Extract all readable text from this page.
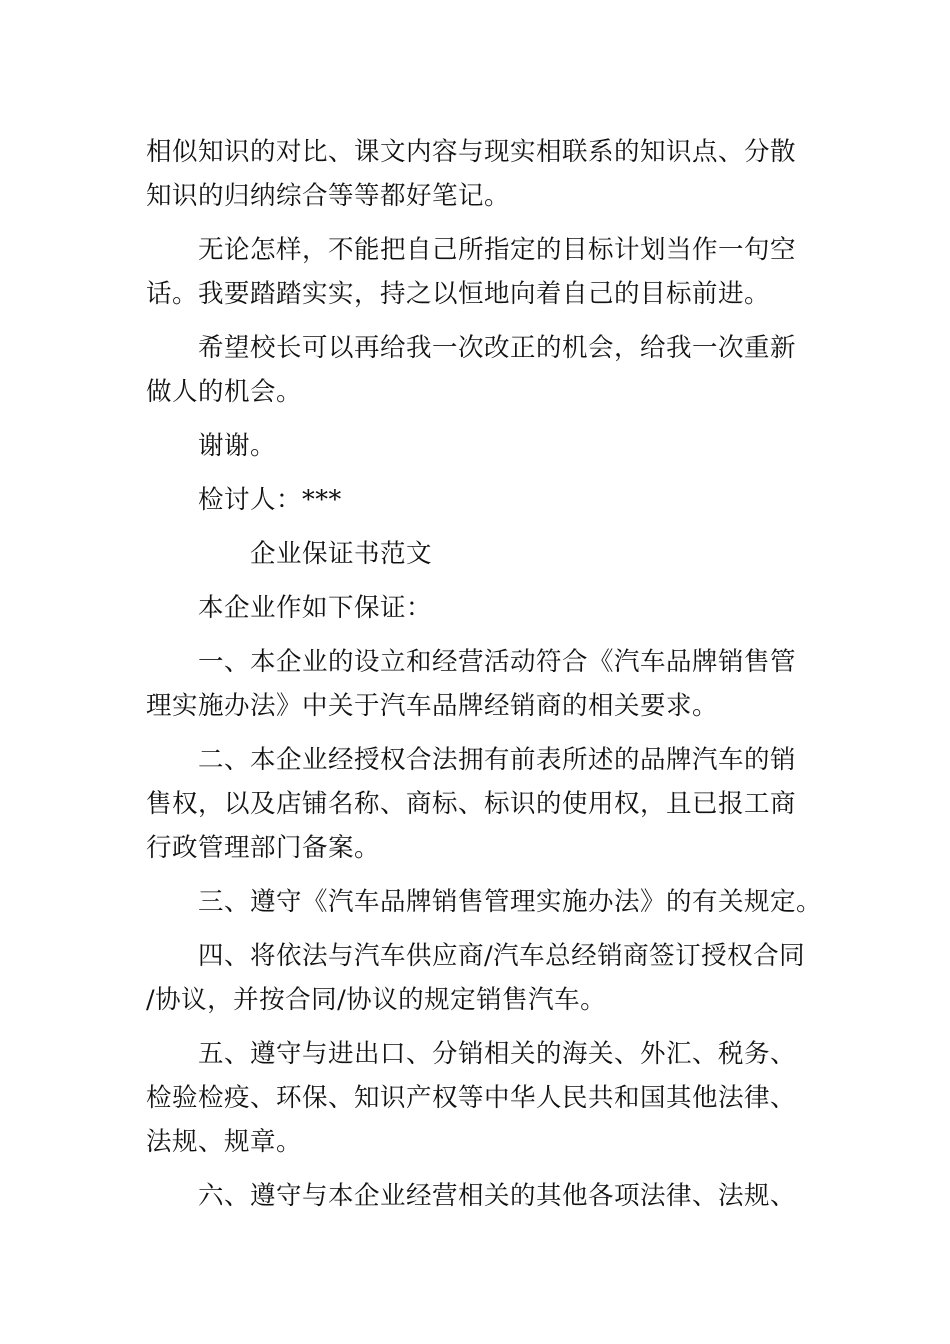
相似知识的对比、课文内容与现实相联系的知识点、分散
知识的归纳综合等等都好笔记。
无论怎样，不能把自己所指定的目标计划当作一句空
话。我要踏踏实实，持之以恒地向着自己的目标前进。
希望校长可以再给我一次改正的机会，给我一次重新
做人的机会。
谢谢。
检讨人：***
企业保证书范文
本企业作如下保证：
一、本企业的设立和经营活动符合《汽车品牌销售管
理实施办法》中关于汽车品牌经销商的相关要求。
二、本企业经授权合法拥有前表所述的品牌汽车的销
售权，以及店铺名称、商标、标识的使用权，且已报工商
行政管理部门备案。
三、遵守《汽车品牌销售管理实施办法》的有关规定。
四、将依法与汽车供应商/汽车总经销商签订授权合同
/协议，并按合同/协议的规定销售汽车。
五、遵守与进出口、分销相关的海关、外汇、税务、
检验检疫、环保、知识产权等中华人民共和国其他法律、
法规、规章。
六、遵守与本企业经营相关的其他各项法律、法规、
